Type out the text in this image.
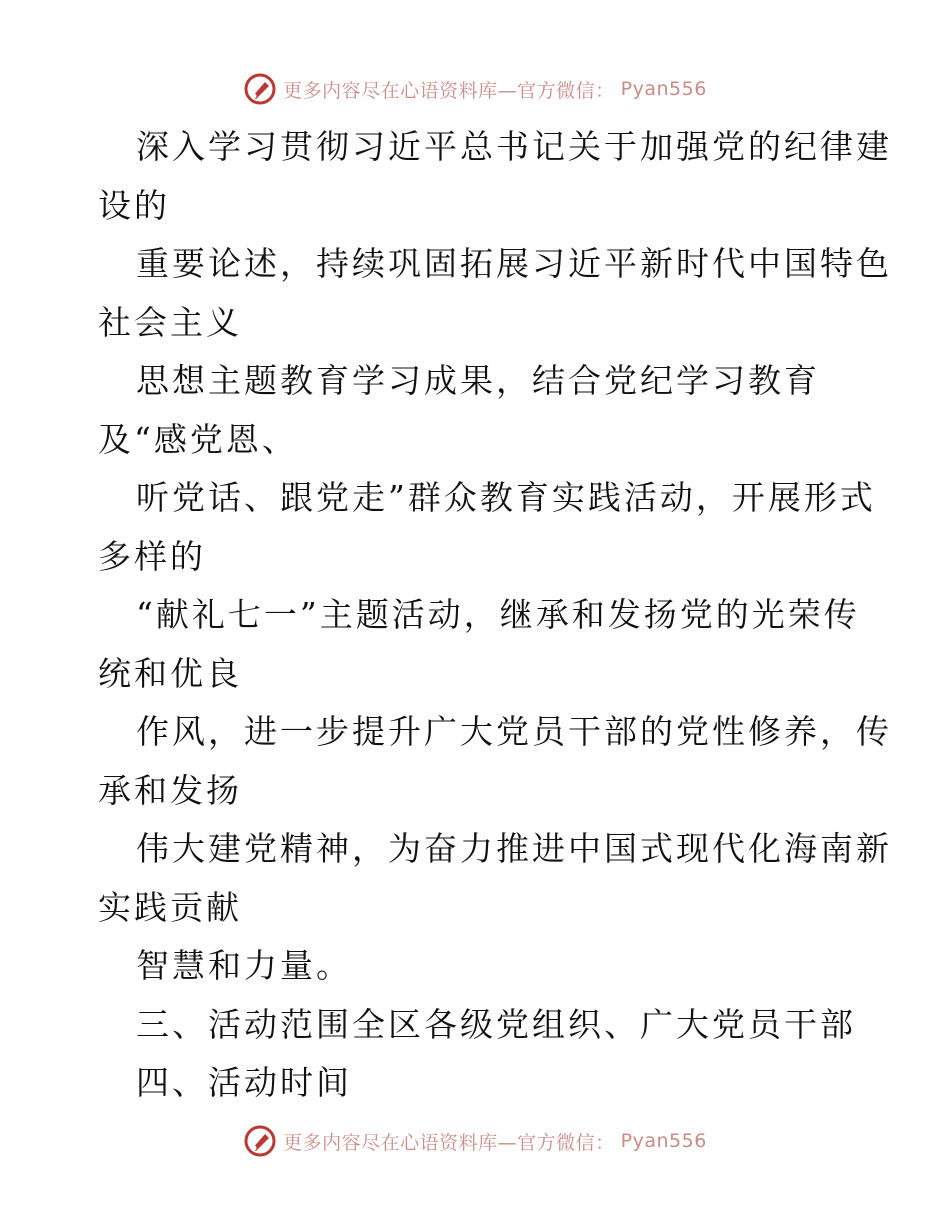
更多内容尽在心语资料库—官方微信： Pyan556
深入学习贯彻习近平总书记关于加强党的纪律建
设的
重要论述，持续巩固拓展习近平新时代中国特色
社会主义
思想主题教育学习成果，结合党纪学习教育
及“感党恩、
听党话、跟党走”群众教育实践活动，开展形式
多样的
“献礼七一”主题活动，继承和发扬党的光荣传
统和优良
作风，进一步提升广大党员干部的党性修养，传
承和发扬
伟大建党精神，为奋力推进中国式现代化海南新
实践贡献
智慧和力量。
三、活动范围全区各级党组织、广大党员干部
四、活动时间
更多内容尽在心语资料库—官方微信： Pyan556
